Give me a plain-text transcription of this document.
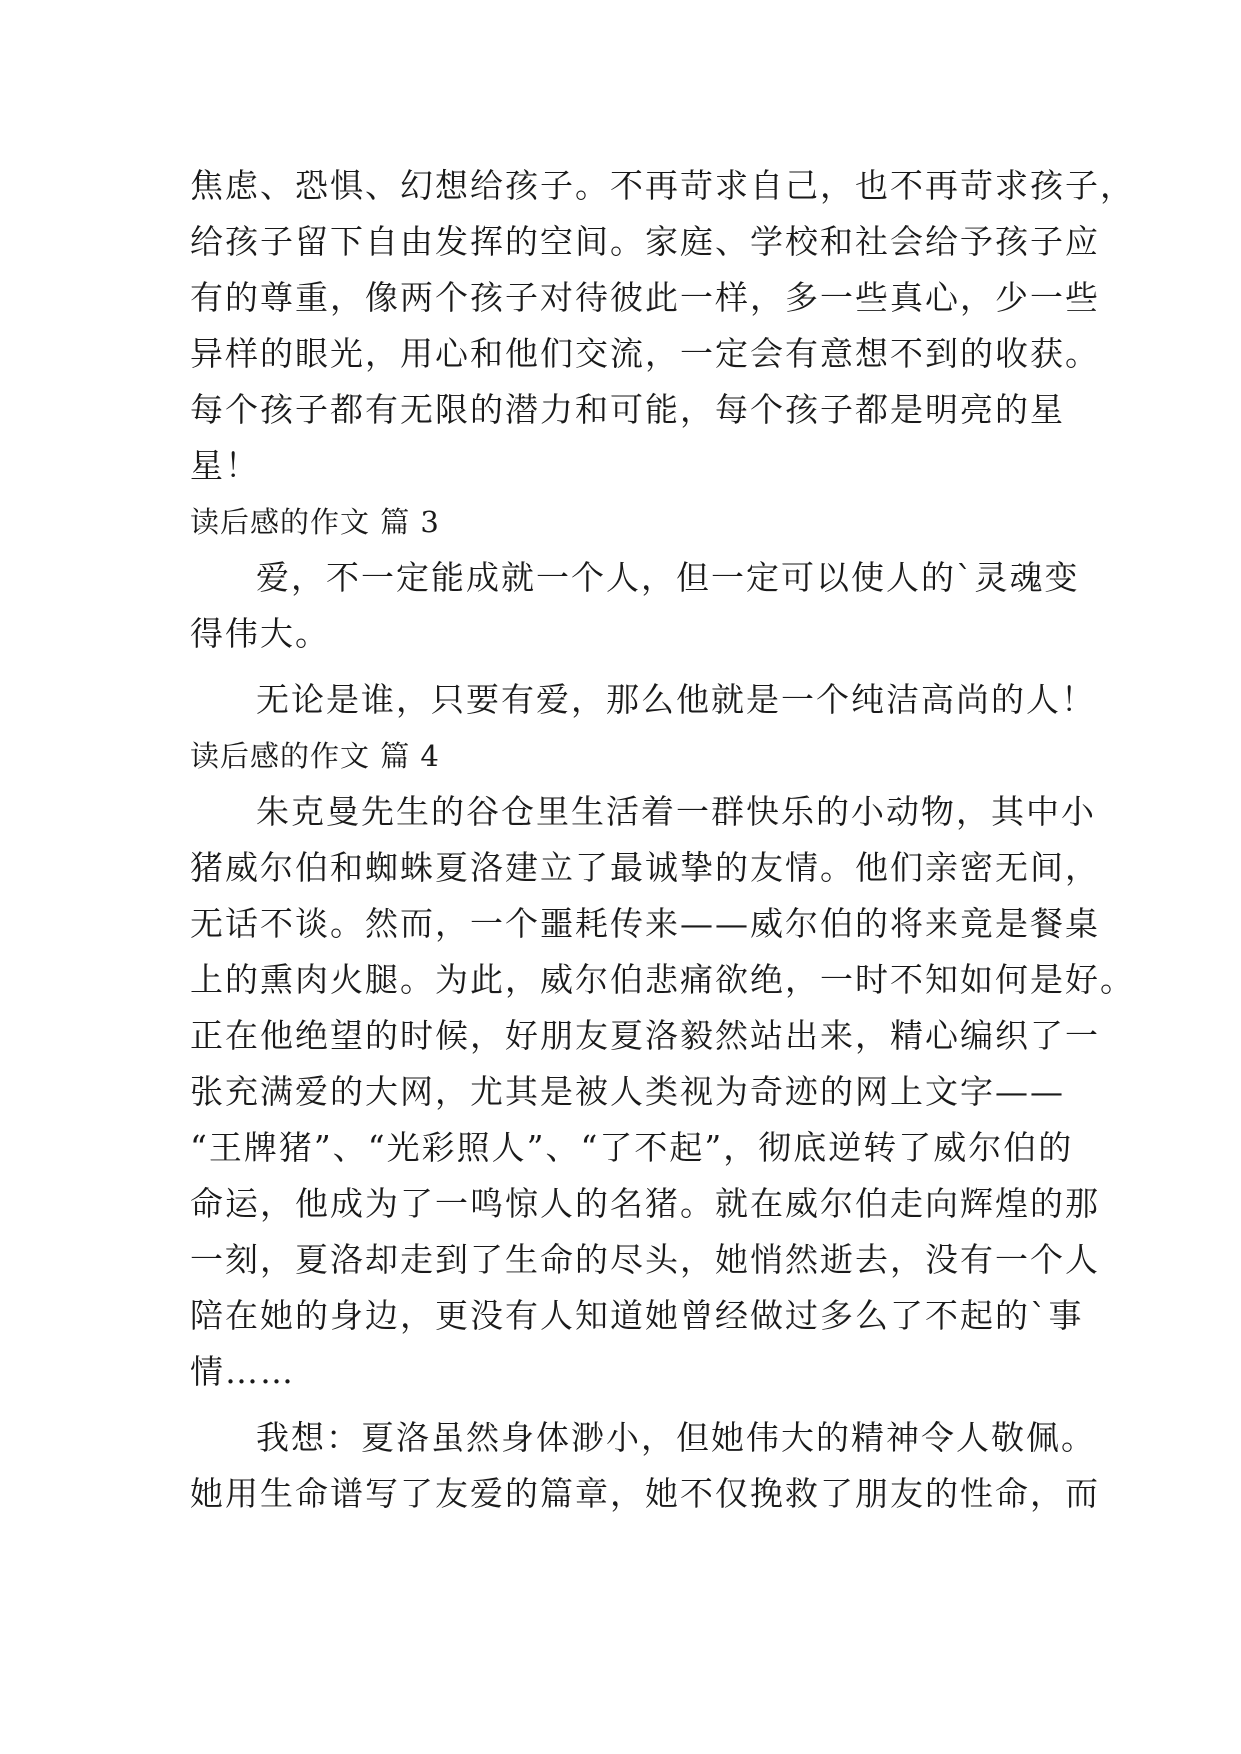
焦虑、恐惧、幻想给孩子。不再苛求自己，也不再苛求孩子，

给孩子留下自由发挥的空间。家庭、学校和社会给予孩子应

有的尊重，像两个孩子对待彼此一样，多一些真心，少一些

异样的眼光，用心和他们交流，一定会有意想不到的收获。

每个孩子都有无限的潜力和可能，每个孩子都是明亮的星

星！

读后感的作文 篇 3

爱，不一定能成就一个人，但一定可以使人的`灵魂变

得伟大。

无论是谁，只要有爱，那么他就是一个纯洁高尚的人！

读后感的作文 篇 4

朱克曼先生的谷仓里生活着一群快乐的小动物，其中小

猪威尔伯和蜘蛛夏洛建立了最诚挚的友情。他们亲密无间，

无话不谈。然而，一个噩耗传来——威尔伯的将来竟是餐桌

上的熏肉火腿。为此，威尔伯悲痛欲绝，一时不知如何是好。

正在他绝望的时候，好朋友夏洛毅然站出来，精心编织了一

张充满爱的大网，尤其是被人类视为奇迹的网上文字——

“王牌猪”、“光彩照人”、“了不起”，彻底逆转了威尔伯的

命运，他成为了一鸣惊人的名猪。就在威尔伯走向辉煌的那

一刻，夏洛却走到了生命的尽头，她悄然逝去，没有一个人

陪在她的身边，更没有人知道她曾经做过多么了不起的`事

情……

我想：夏洛虽然身体渺小，但她伟大的精神令人敬佩。

她用生命谱写了友爱的篇章，她不仅挽救了朋友的性命，而
